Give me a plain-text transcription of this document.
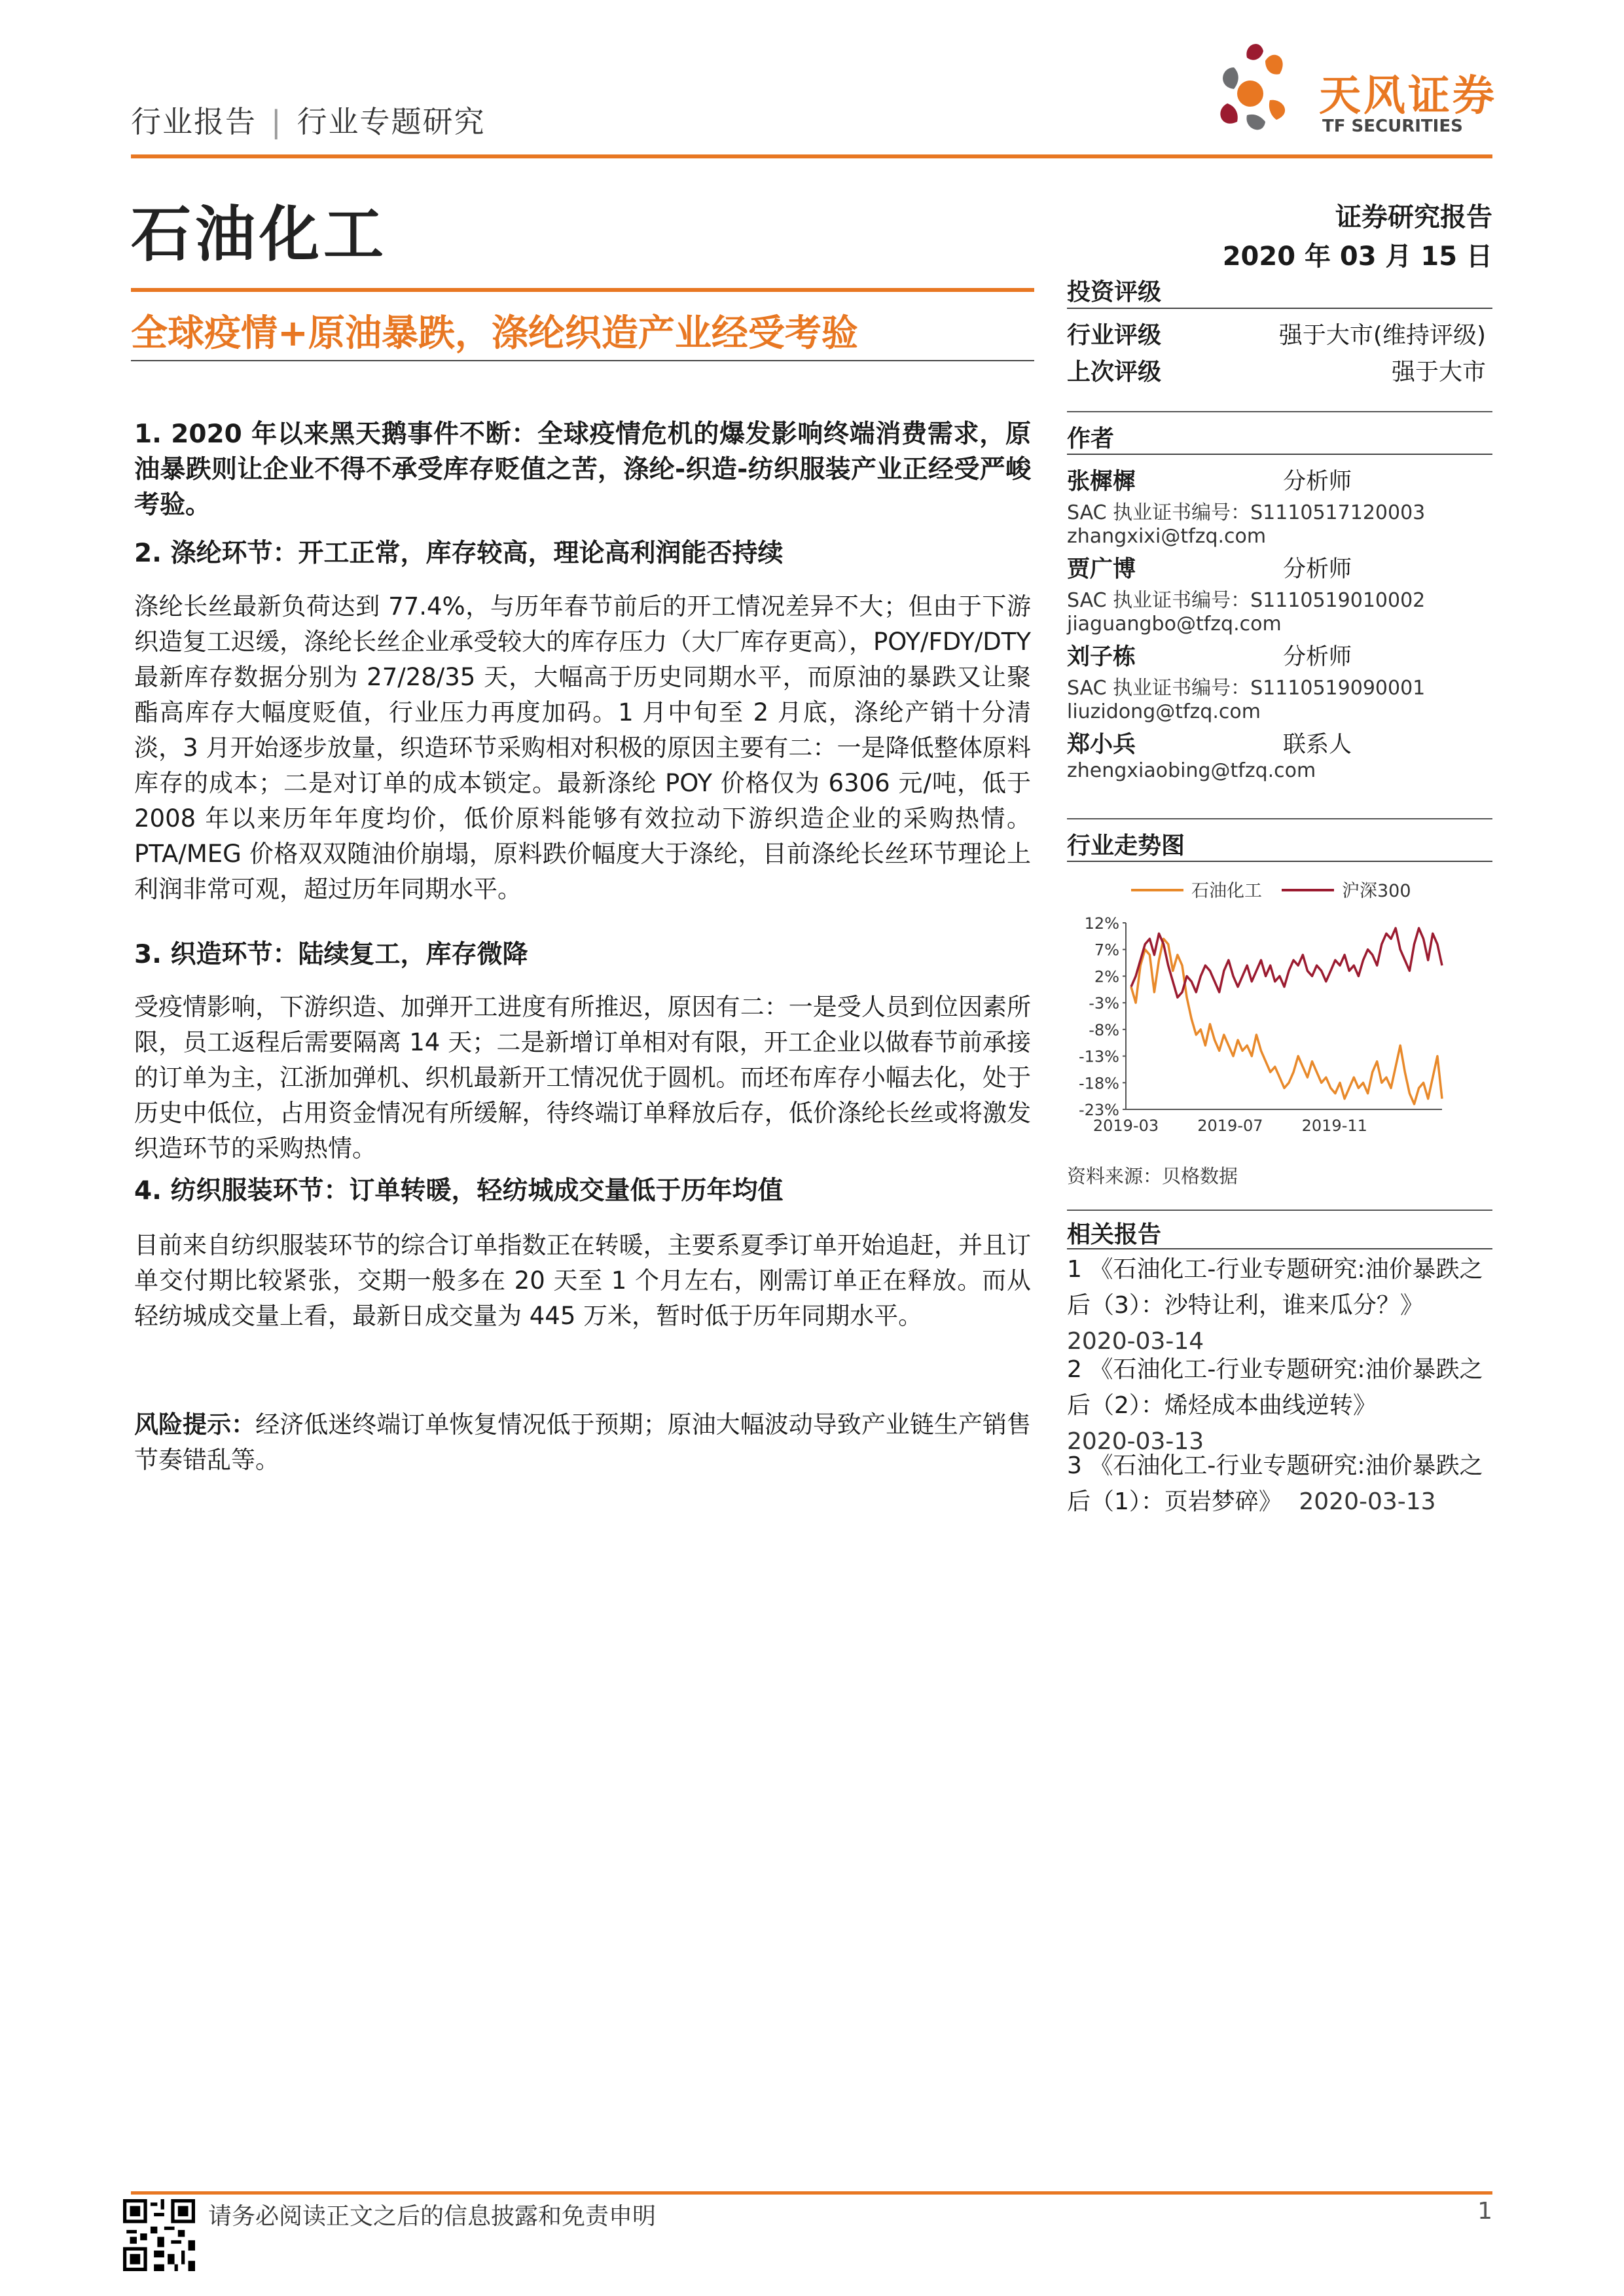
行业报告 | 行业专题研究
天风证券
TF SECURITIES
石油化工	证券研究报告
2020 年 03 月 15 日
全球疫情+原油暴跌，涤纶织造产业经受考验

1. 2020 年以来黑天鹅事件不断：全球疫情危机的爆发影响终端消费需求，原油暴跌则让企业不得不承受库存贬值之苦，涤纶-织造-纺织服装产业正经受严峻考验。

2. 涤纶环节：开工正常，库存较高，理论高利润能否持续

涤纶长丝最新负荷达到 77.4%，与历年春节前后的开工情况差异不大；但由于下游织造复工迟缓，涤纶长丝企业承受较大的库存压力（大厂库存更高），POY/FDY/DTY 最新库存数据分别为 27/28/35 天，大幅高于历史同期水平，而原油的暴跌又让聚酯高库存大幅度贬值，行业压力再度加码。1 月中旬至 2 月底，涤纶产销十分清淡，3 月开始逐步放量，织造环节采购相对积极的原因主要有二：一是降低整体原料库存的成本；二是对订单的成本锁定。最新涤纶 POY 价格仅为 6306 元/吨，低于 2008 年以来历年年度均价，低价原料能够有效拉动下游织造企业的采购热情。PTA/MEG 价格双双随油价崩塌，原料跌价幅度大于涤纶，目前涤纶长丝环节理论上利润非常可观，超过历年同期水平。

3. 织造环节：陆续复工，库存微降

受疫情影响，下游织造、加弹开工进度有所推迟，原因有二：一是受人员到位因素所限，员工返程后需要隔离 14 天；二是新增订单相对有限，开工企业以做春节前承接的订单为主，江浙加弹机、织机最新开工情况优于圆机。而坯布库存小幅去化，处于历史中低位，占用资金情况有所缓解，待终端订单释放后存，低价涤纶长丝或将激发织造环节的采购热情。

4. 纺织服装环节：订单转暖，轻纺城成交量低于历年均值

目前来自纺织服装环节的综合订单指数正在转暖，主要系夏季订单开始追赶，并且订单交付期比较紧张，交期一般多在 20 天至 1 个月左右，刚需订单正在释放。而从轻纺城成交量上看，最新日成交量为 445 万米，暂时低于历年同期水平。

风险提示：经济低迷终端订单恢复情况低于预期；原油大幅波动导致产业链生产销售节奏错乱等。

投资评级
行业评级	强于大市(维持评级)
上次评级	强于大市
作者
张樨樨	分析师
SAC 执业证书编号：S1110517120003
zhangxixi@tfzq.com
贾广博	分析师
SAC 执业证书编号：S1110519010002
jiaguangbo@tfzq.com
刘子栋	分析师
SAC 执业证书编号：S1110519090001
liuzidong@tfzq.com
郑小兵	联系人
zhengxiaobing@tfzq.com
行业走势图
石油化工	沪深300
12%
7%
2%
-3%
-8%
-13%
-18%
-23%
2019-03 2019-07 2019-11
资料来源：贝格数据
相关报告
1 《石油化工-行业专题研究:油价暴跌之后（3）：沙特让利，谁来瓜分？》
2020-03-14
2 《石油化工-行业专题研究:油价暴跌之后（2）：烯烃成本曲线逆转》
2020-03-13
3 《石油化工-行业专题研究:油价暴跌之后（1）：页岩梦碎》 2020-03-13
请务必阅读正文之后的信息披露和免责申明	1
